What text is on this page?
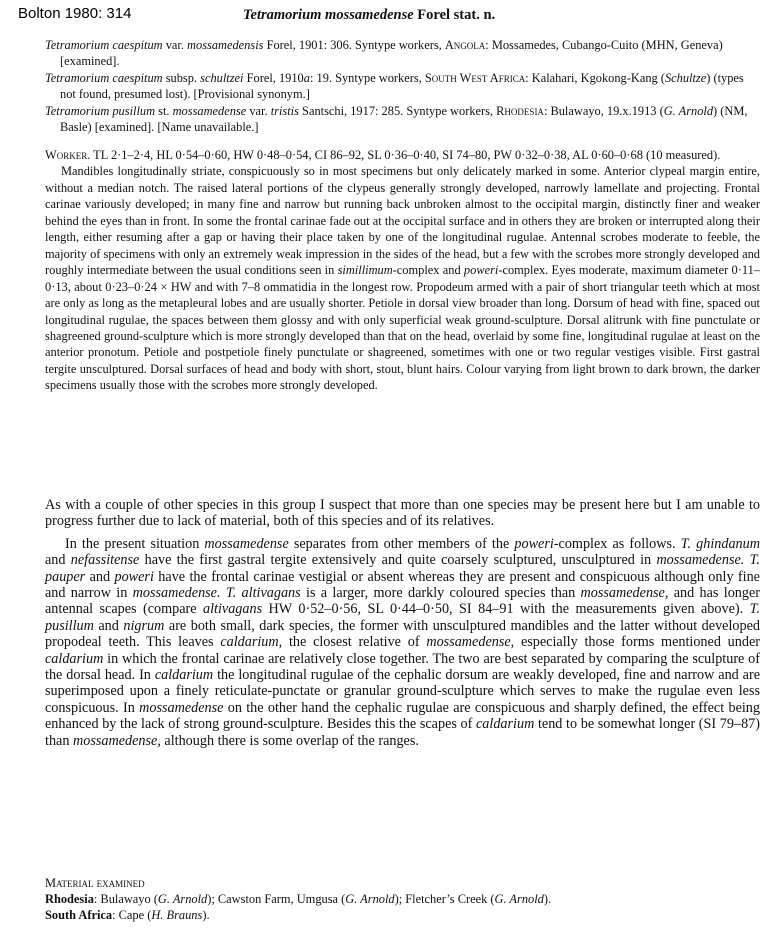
Bolton 1980: 314	Tetramorium mossamedense Forel stat. n.
Tetramorium caespitum var. mossamedensis Forel, 1901: 306. Syntype workers, Angola: Mossamedes, Cubango-Cuito (MHN, Geneva) [examined].
Tetramorium caespitum subsp. schultzei Forel, 1910a: 19. Syntype workers, South West Africa: Kalahari, Kgokong-Kang (Schultze) (types not found, presumed lost). [Provisional synonym.]
Tetramorium pusillum st. mossamedense var. tristis Santschi, 1917: 285. Syntype workers, Rhodesia: Bulawayo, 19.x.1913 (G. Arnold) (NM, Basle) [examined]. [Name unavailable.]

Worker. TL 2·1–2·4, HL 0·54–0·60, HW 0·48–0·54, CI 86–92, SL 0·36–0·40, SI 74–80, PW 0·32–0·38, AL 0·60–0·68 (10 measured).

Mandibles longitudinally striate, conspicuously so in most specimens but only delicately marked in some. Anterior clypeal margin entire, without a median notch. The raised lateral portions of the clypeus generally strongly developed, narrowly lamellate and projecting. Frontal carinae variously developed; in many fine and narrow but running back unbroken almost to the occipital margin, distinctly finer and weaker behind the eyes than in front. In some the frontal carinae fade out at the occipital surface and in others they are broken or interrupted along their length, either resuming after a gap or having their place taken by one of the longitudinal rugulae. Antennal scrobes moderate to feeble, the majority of specimens with only an extremely weak impression in the sides of the head, but a few with the scrobes more strongly developed and roughly intermediate between the usual conditions seen in simillimum-complex and poweri-complex. Eyes moderate, maximum diameter 0·11–0·13, about 0·23–0·24 × HW and with 7–8 ommatidia in the longest row. Propodeum armed with a pair of short triangular teeth which at most are only as long as the metapleural lobes and are usually shorter. Petiole in dorsal view broader than long. Dorsum of head with fine, spaced out longitudinal rugulae, the spaces between them glossy and with only superficial weak ground-sculpture. Dorsal alitrunk with fine punctulate or shagreened ground-sculpture which is more strongly developed than that on the head, overlaid by some fine, longitudinal rugulae at least on the anterior pronotum. Petiole and postpetiole finely punctulate or shagreened, sometimes with one or two regular vestiges visible. First gastral tergite unsculptured. Dorsal surfaces of head and body with short, stout, blunt hairs. Colour varying from light brown to dark brown, the darker specimens usually those with the scrobes more strongly developed.

As with a couple of other species in this group I suspect that more than one species may be present here but I am unable to progress further due to lack of material, both of this species and of its relatives.

In the present situation mossamedense separates from other members of the poweri-complex as follows. T. ghindanum and nefassitense have the first gastral tergite extensively and quite coarsely sculptured, unsculptured in mossamedense. T. pauper and poweri have the frontal carinae vestigial or absent whereas they are present and conspicuous although only fine and narrow in mossamedense. T. altivagans is a larger, more darkly coloured species than mossamedense, and has longer antennal scapes (compare altivagans HW 0·52–0·56, SL 0·44–0·50, SI 84–91 with the measurements given above). T. pusillum and nigrum are both small, dark species, the former with unsculptured mandibles and the latter without developed propodeal teeth. This leaves caldarium, the closest relative of mossamedense, especially those forms mentioned under caldarium in which the frontal carinae are relatively close together. The two are best separated by comparing the sculpture of the dorsal head. In caldarium the longitudinal rugulae of the cephalic dorsum are weakly developed, fine and narrow and are superimposed upon a finely reticulate-punctate or granular ground-sculpture which serves to make the rugulae even less conspicuous. In mossamedense on the other hand the cephalic rugulae are conspicuous and sharply defined, the effect being enhanced by the lack of strong ground-sculpture. Besides this the scapes of caldarium tend to be somewhat longer (SI 79–87) than mossamedense, although there is some overlap of the ranges.

Material examined
Rhodesia: Bulawayo (G. Arnold); Cawston Farm, Umgusa (G. Arnold); Fletcher’s Creek (G. Arnold).
South Africa: Cape (H. Brauns).
